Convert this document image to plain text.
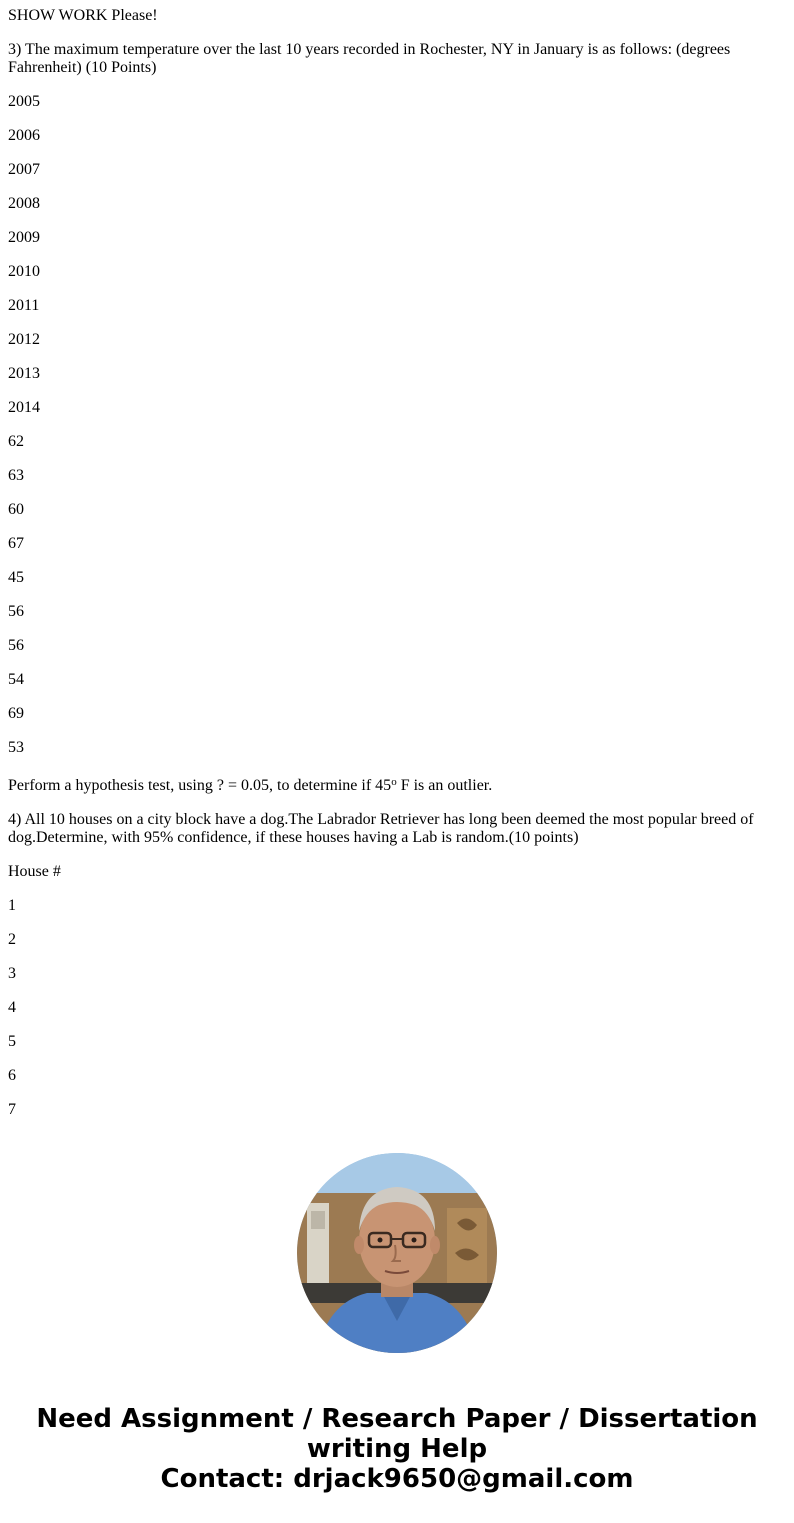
SHOW WORK Please!

3) The maximum temperature over the last 10 years recorded in Rochester, NY in January is as follows: (degrees Fahrenheit) (10 Points)

2005

2006

2007

2008

2009

2010

2011

2012

2013

2014

62

63

60

67

45

56

56

54

69

53

Perform a hypothesis test, using ? = 0.05, to determine if 45$^o$ F is an outlier.

4) All 10 houses on a city block have a dog.The Labrador Retriever has long been deemed the most popular breed of dog.Determine, with 95% confidence, if these houses having a Lab is random.(10 points)

House #

1

2

3

4

5

6

7

Need Assignment / Research Paper / Dissertation
writing Help
Contact: drjack9650@gmail.com
